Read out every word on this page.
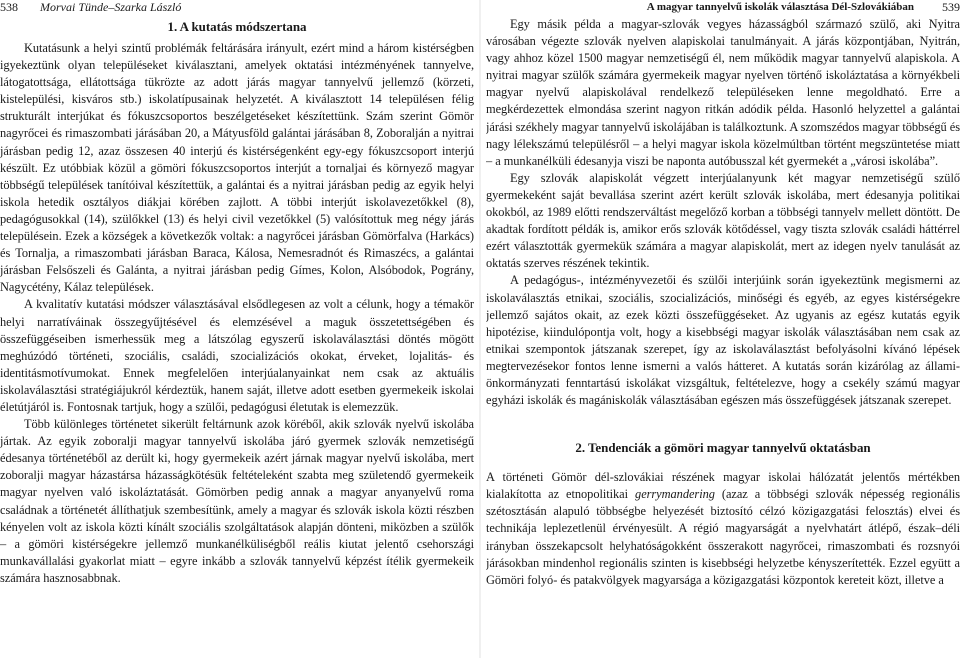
538 Morvai Tünde–Szarka László
1. A kutatás módszertana

Kutatásunk a helyi szintű problémák feltárására irányult, ezért mind a három kistérségben igyekeztünk olyan településeket kiválasztani, amelyek oktatási intézményének tannyelve, látogatottsága, ellátottsága tükrözte az adott járás magyar tannyelvű jellemző (körzeti, kistelepülési, kisváros stb.) iskolatípusainak helyzetét. A kiválasztott 14 településen félig strukturált interjúkat és fókuszcsoportos beszélgetéseket készítettünk. Szám szerint Gömör nagyrőcei és rimaszombati járásában 20, a Mátyusföld galántai járásában 8, Zoboralján a nyitrai járásban pedig 12, azaz összesen 40 interjú és kistérségenként egy-egy fókuszcsoport interjú készült. Ez utóbbiak közül a gömöri fókuszcsoportos interjút a tornaljai és környező magyar többségű települések tanítóival készítettük, a galántai és a nyitrai járásban pedig az egyik helyi iskola hetedik osztályos diákjai körében zajlott. A többi interjút iskolavezetőkkel (8), pedagógusokkal (14), szülőkkel (13) és helyi civil vezetőkkel (5) valósítottuk meg négy járás településein. Ezek a községek a következők voltak: a nagyrőcei járásban Gömörfalva (Harkács) és Tornalja, a rimaszombati járásban Baraca, Kálosa, Nemesradnót és Rimaszécs, a galántai járásban Felsőszeli és Galánta, a nyitrai járásban pedig Gímes, Kolon, Alsóbodok, Pográny, Nagycétény, Kálaz települések.

A kvalitatív kutatási módszer választásával elsődlegesen az volt a célunk, hogy a témakör helyi narratíváinak összegyűjtésével és elemzésével a maguk összetettségében és összefüggéseiben ismerhessük meg a látszólag egyszerű iskolaválasztási döntés mögött meghúzódó történeti, szociális, családi, szocializációs okokat, érveket, lojalitás- és identitásmotívumokat. Ennek megfelelően interjúalanyainkat nem csak az aktuális iskolaválasztási stratégiájukról kérdeztük, hanem saját, illetve adott esetben gyermekeik iskolai életútjáról is. Fontosnak tartjuk, hogy a szülői, pedagógusi életutak is elemezzük.

Több különleges történetet sikerült feltárnunk azok köréből, akik szlovák nyelvű iskolába jártak. Az egyik zoboralji magyar tannyelvű iskolába járó gyermek szlovák nemzetiségű édesanya történetéből az derült ki, hogy gyermekeik azért járnak magyar nyelvű iskolába, mert zoboralji magyar házastársa házasságkötésük feltételeként szabta meg születendő gyermekeik magyar nyelven való iskoláztatását. Gömörben pedig annak a magyar anyanyelvű roma családnak a történetét állíthatjuk szembesítünk, amely a magyar és szlovák iskola közti részben kényelen volt az iskola közti kínált szociális szolgáltatások alapján dönteni, miközben a szülők – a gömöri kistérségekre jellemző munkanélküliségből reális kiutat jelentő csehországi munkavállalási gyakorlat miatt – egyre inkább a szlovák tannyelvű képzést ítélik gyermekeik számára hasznosabbnak.

A magyar tannyelvű iskolák választása Dél-Szlovákiában 539

Egy másik példa a magyar-szlovák vegyes házasságból származó szülő, aki Nyitra városában végezte szlovák nyelven alapiskolai tanulmányait. A járás központjában, Nyitrán, vagy ahhoz közel 1500 magyar nemzetiségű él, nem működik magyar tannyelvű alapiskola. A nyitrai magyar szülők számára gyermekeik magyar nyelven történő iskoláztatása a környékbeli magyar nyelvű alapiskolával rendelkező településeken lenne megoldható. Erre a megkérdezettek elmondása szerint nagyon ritkán adódik példa. Hasonló helyzettel a galántai járási székhely magyar tannyelvű iskolájában is találkoztunk. A szomszédos magyar többségű és nagy lélekszámú településről – a helyi magyar iskola közelmúltban történt megszüntetése miatt – a munkanélküli édesanyja viszi be naponta autóbusszal két gyermekét a „városi iskolába”.

Egy szlovák alapiskolát végzett interjúalanyunk két magyar nemzetiségű szülő gyermekeként saját bevallása szerint azért került szlovák iskolába, mert édesanyja politikai okokból, az 1989 előtti rendszerváltást megelőző korban a többségi tannyelv mellett döntött. De akadtak fordított példák is, amikor erős szlovák kötődéssel, vagy tiszta szlovák családi háttérrel ezért választották gyermekük számára a magyar alapiskolát, mert az idegen nyelv tanulását az oktatás szerves részének tekintik.

A pedagógus-, intézményvezetői és szülői interjúink során igyekeztünk megismerni az iskolaválasztás etnikai, szociális, szocializációs, minőségi és egyéb, az egyes kistérségekre jellemző sajátos okait, az ezek közti összefüggéseket. Az ugyanis az egész kutatás egyik hipotézise, kiindulópontja volt, hogy a kisebbségi magyar iskolák választásában nem csak az etnikai szempontok játszanak szerepet, így az iskolaválasztást befolyásolni kívánó lépések megtervezésekor fontos lenne ismerni a valós hátteret. A kutatás során kizárólag az állami- önkormányzati fenntartású iskolákat vizsgáltuk, feltételezve, hogy a csekély számú magyar egyházi iskolák és magániskolák választásában egészen más összefüggések játszanak szerepet.

2. Tendenciák a gömöri magyar tannyelvű oktatásban

A történeti Gömör dél-szlovákiai részének magyar iskolai hálózatát jelentős mértékben kialakította az etnopolitikai gerrymandering (azaz a többségi szlovák népesség regionális szétosztásán alapuló többségbe helyezését biztosító célzó közigazgatási felosztás) elvei és technikája leplezetlenül érvényesült. A régió magyarságát a nyelvhatárt átlépő, észak–déli irányban összekapcsolt helyhatóságokként összerakott nagyrőcei, rimaszombati és rozsnyói járásokban mindenhol regionális szinten is kisebbségi helyzetbe kényszerítették. Ezzel együtt a Gömöri folyó- és patakvölgyek magyarsága a közigazgatási központok kereteit közt, illetve a
